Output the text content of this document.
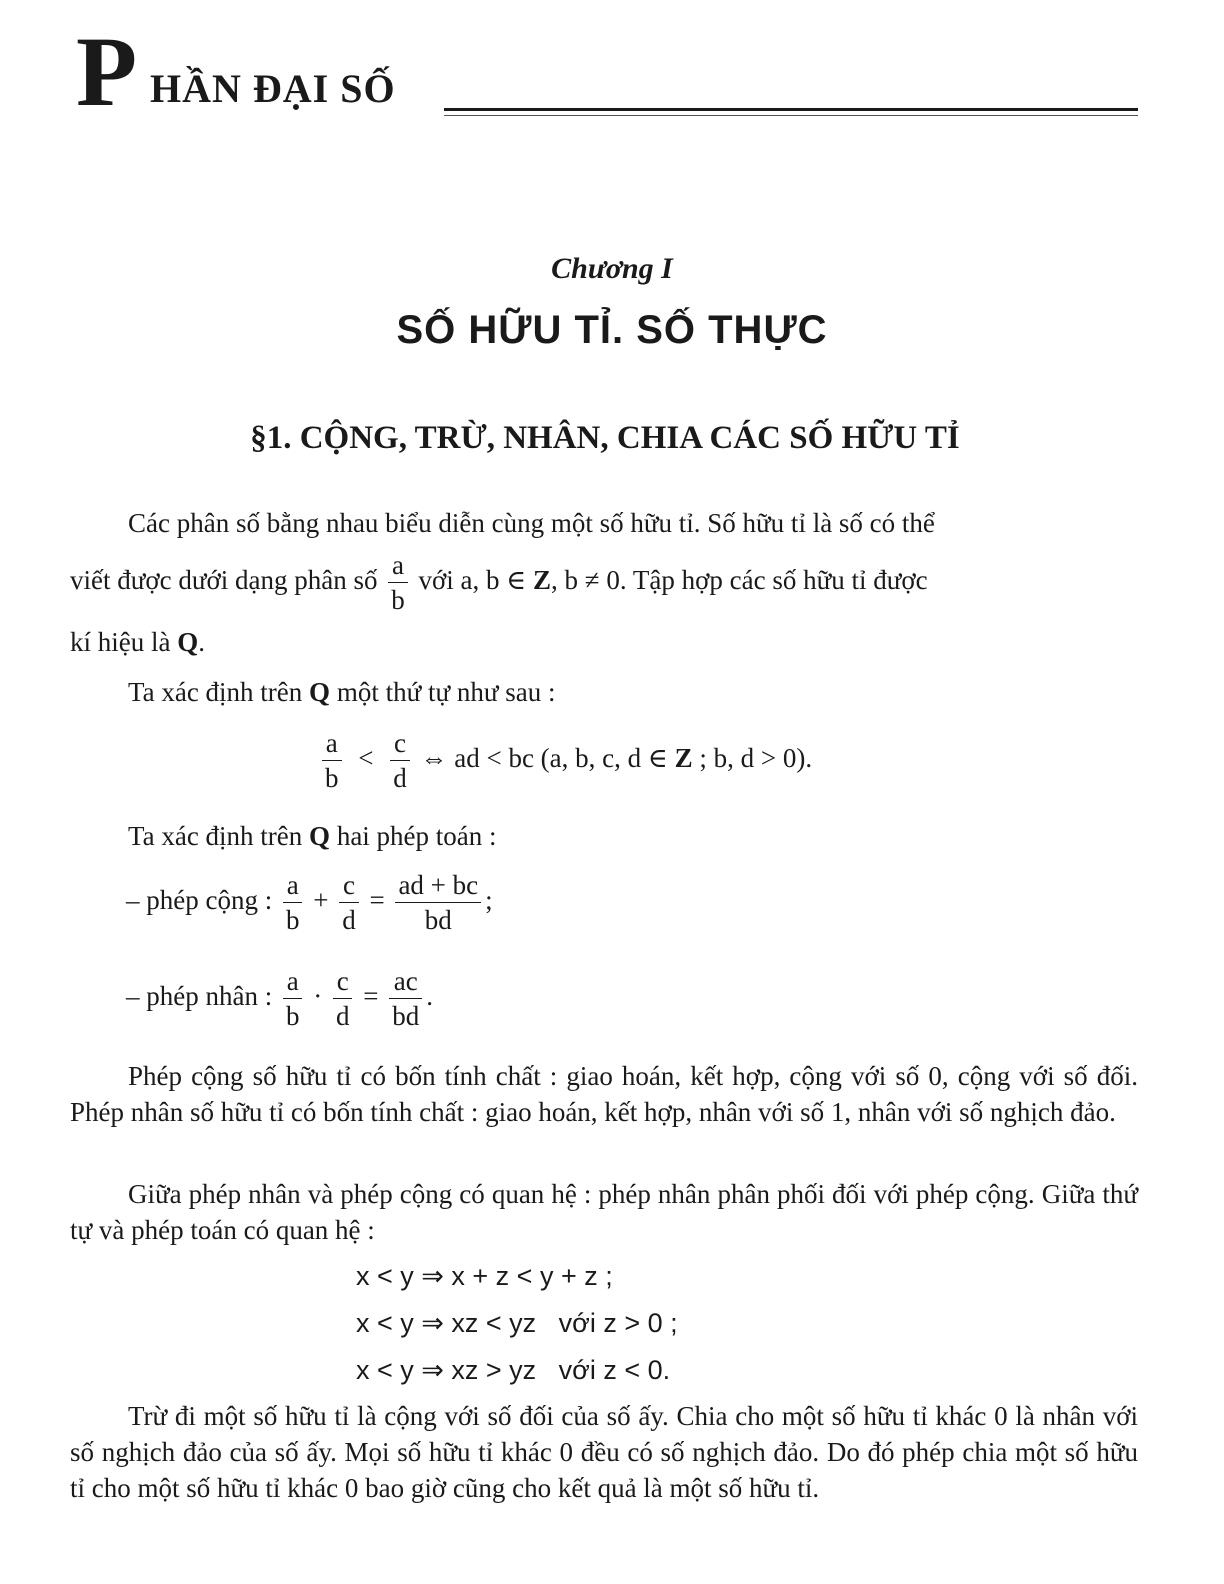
P HẦN ĐẠI SỐ
Chương I
SỐ HỮU TỈ. SỐ THỰC
§1. CỘNG, TRỪ, NHÂN, CHIA CÁC SỐ HỮU TỈ
Các phân số bằng nhau biểu diễn cùng một số hữu tỉ. Số hữu tỉ là số có thể
viết được dưới dạng phân số $\frac{a}{b}$ với a, b ∈ Z, b ≠ 0. Tập hợp các số hữu tỉ được
kí hiệu là Q.
Ta xác định trên Q một thứ tự như sau :
$\frac{a}{b} < \frac{c}{d}$ ⇔ ad < bc (a, b, c, d ∈ Z ; b, d > 0).
Ta xác định trên Q hai phép toán :
– phép cộng : $\frac{a}{b} + \frac{c}{d} = \frac{ad + bc}{bd}$ ;
– phép nhân : $\frac{a}{b} \cdot \frac{c}{d} = \frac{ac}{bd}$ .
Phép cộng số hữu tỉ có bốn tính chất : giao hoán, kết hợp, cộng với số 0, cộng với số đối. Phép nhân số hữu tỉ có bốn tính chất : giao hoán, kết hợp, nhân với số 1, nhân với số nghịch đảo.
Giữa phép nhân và phép cộng có quan hệ : phép nhân phân phối đối với phép cộng. Giữa thứ tự và phép toán có quan hệ :
x < y ⇒ x + z < y + z ;
x < y ⇒ xz < yz   với z > 0 ;
x < y ⇒ xz > yz   với z < 0.
Trừ đi một số hữu tỉ là cộng với số đối của số ấy. Chia cho một số hữu tỉ khác 0 là nhân với số nghịch đảo của số ấy. Mọi số hữu tỉ khác 0 đều có số nghịch đảo. Do đó phép chia một số hữu tỉ cho một số hữu tỉ khác 0 bao giờ cũng cho kết quả là một số hữu tỉ.
